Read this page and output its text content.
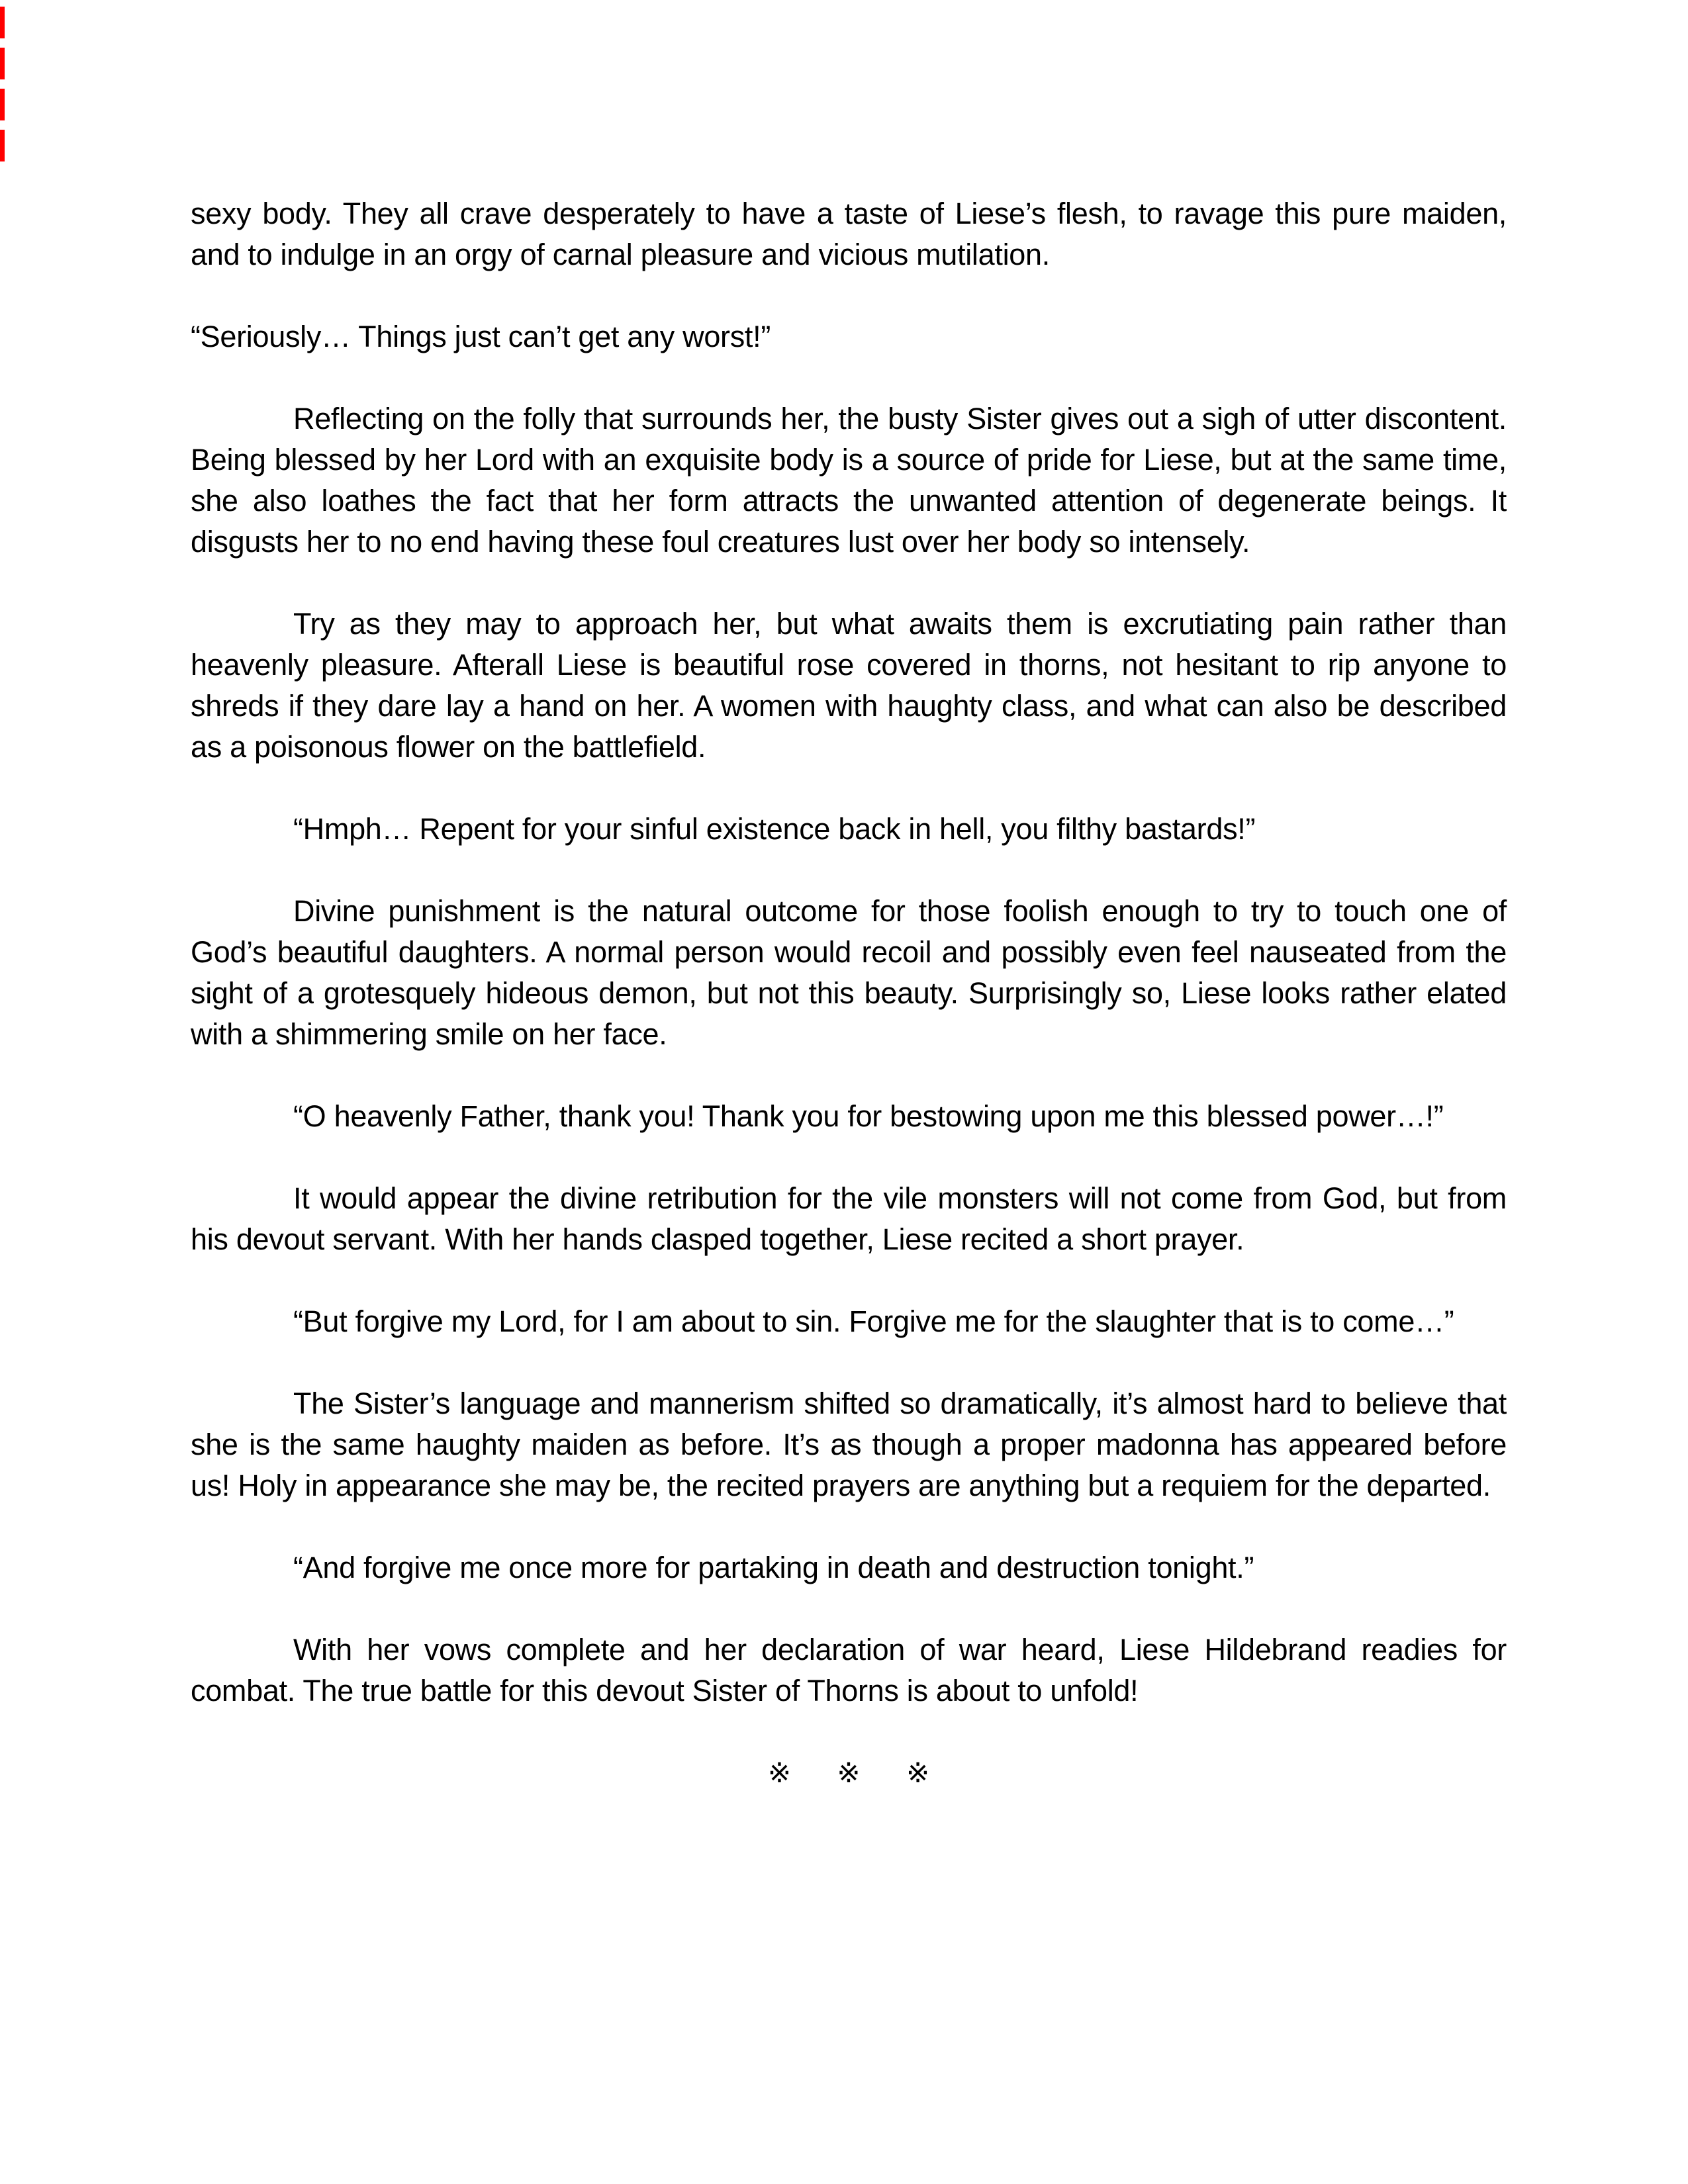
sexy body. They all crave desperately to have a taste of Liese’s flesh, to ravage this pure maiden, and to indulge in an orgy of carnal pleasure and vicious mutilation.

“Seriously… Things just can’t get any worst!”

Reflecting on the folly that surrounds her, the busty Sister gives out a sigh of utter discontent. Being blessed by her Lord with an exquisite body is a source of pride for Liese, but at the same time, she also loathes the fact that her form attracts the unwanted attention of degenerate beings. It disgusts her to no end having these foul creatures lust over her body so intensely.

Try as they may to approach her, but what awaits them is excrutiating pain rather than heavenly pleasure. Afterall Liese is beautiful rose covered in thorns, not hesitant to rip anyone to shreds if they dare lay a hand on her. A women with haughty class, and what can also be described as a poisonous flower on the battlefield.

“Hmph… Repent for your sinful existence back in hell, you filthy bastards!”

Divine punishment is the natural outcome for those foolish enough to try to touch one of God’s beautiful daughters. A normal person would recoil and possibly even feel nauseated from the sight of a grotesquely hideous demon, but not this beauty. Surprisingly so, Liese looks rather elated with a shimmering smile on her face.

“O heavenly Father, thank you! Thank you for bestowing upon me this blessed power…!”

It would appear the divine retribution for the vile monsters will not come from God, but from his devout servant. With her hands clasped together, Liese recited a short prayer.

“But forgive my Lord, for I am about to sin. Forgive me for the slaughter that is to come…”

The Sister’s language and mannerism shifted so dramatically, it’s almost hard to believe that she is the same haughty maiden as before. It’s as though a proper madonna has appeared before us! Holy in appearance she may be, the recited prayers are anything but a requiem for the departed.

“And forgive me once more for partaking in death and destruction tonight.”

With her vows complete and her declaration of war heard, Liese Hildebrand readies for combat. The true battle for this devout Sister of Thorns is about to unfold!

※ ※ ※
